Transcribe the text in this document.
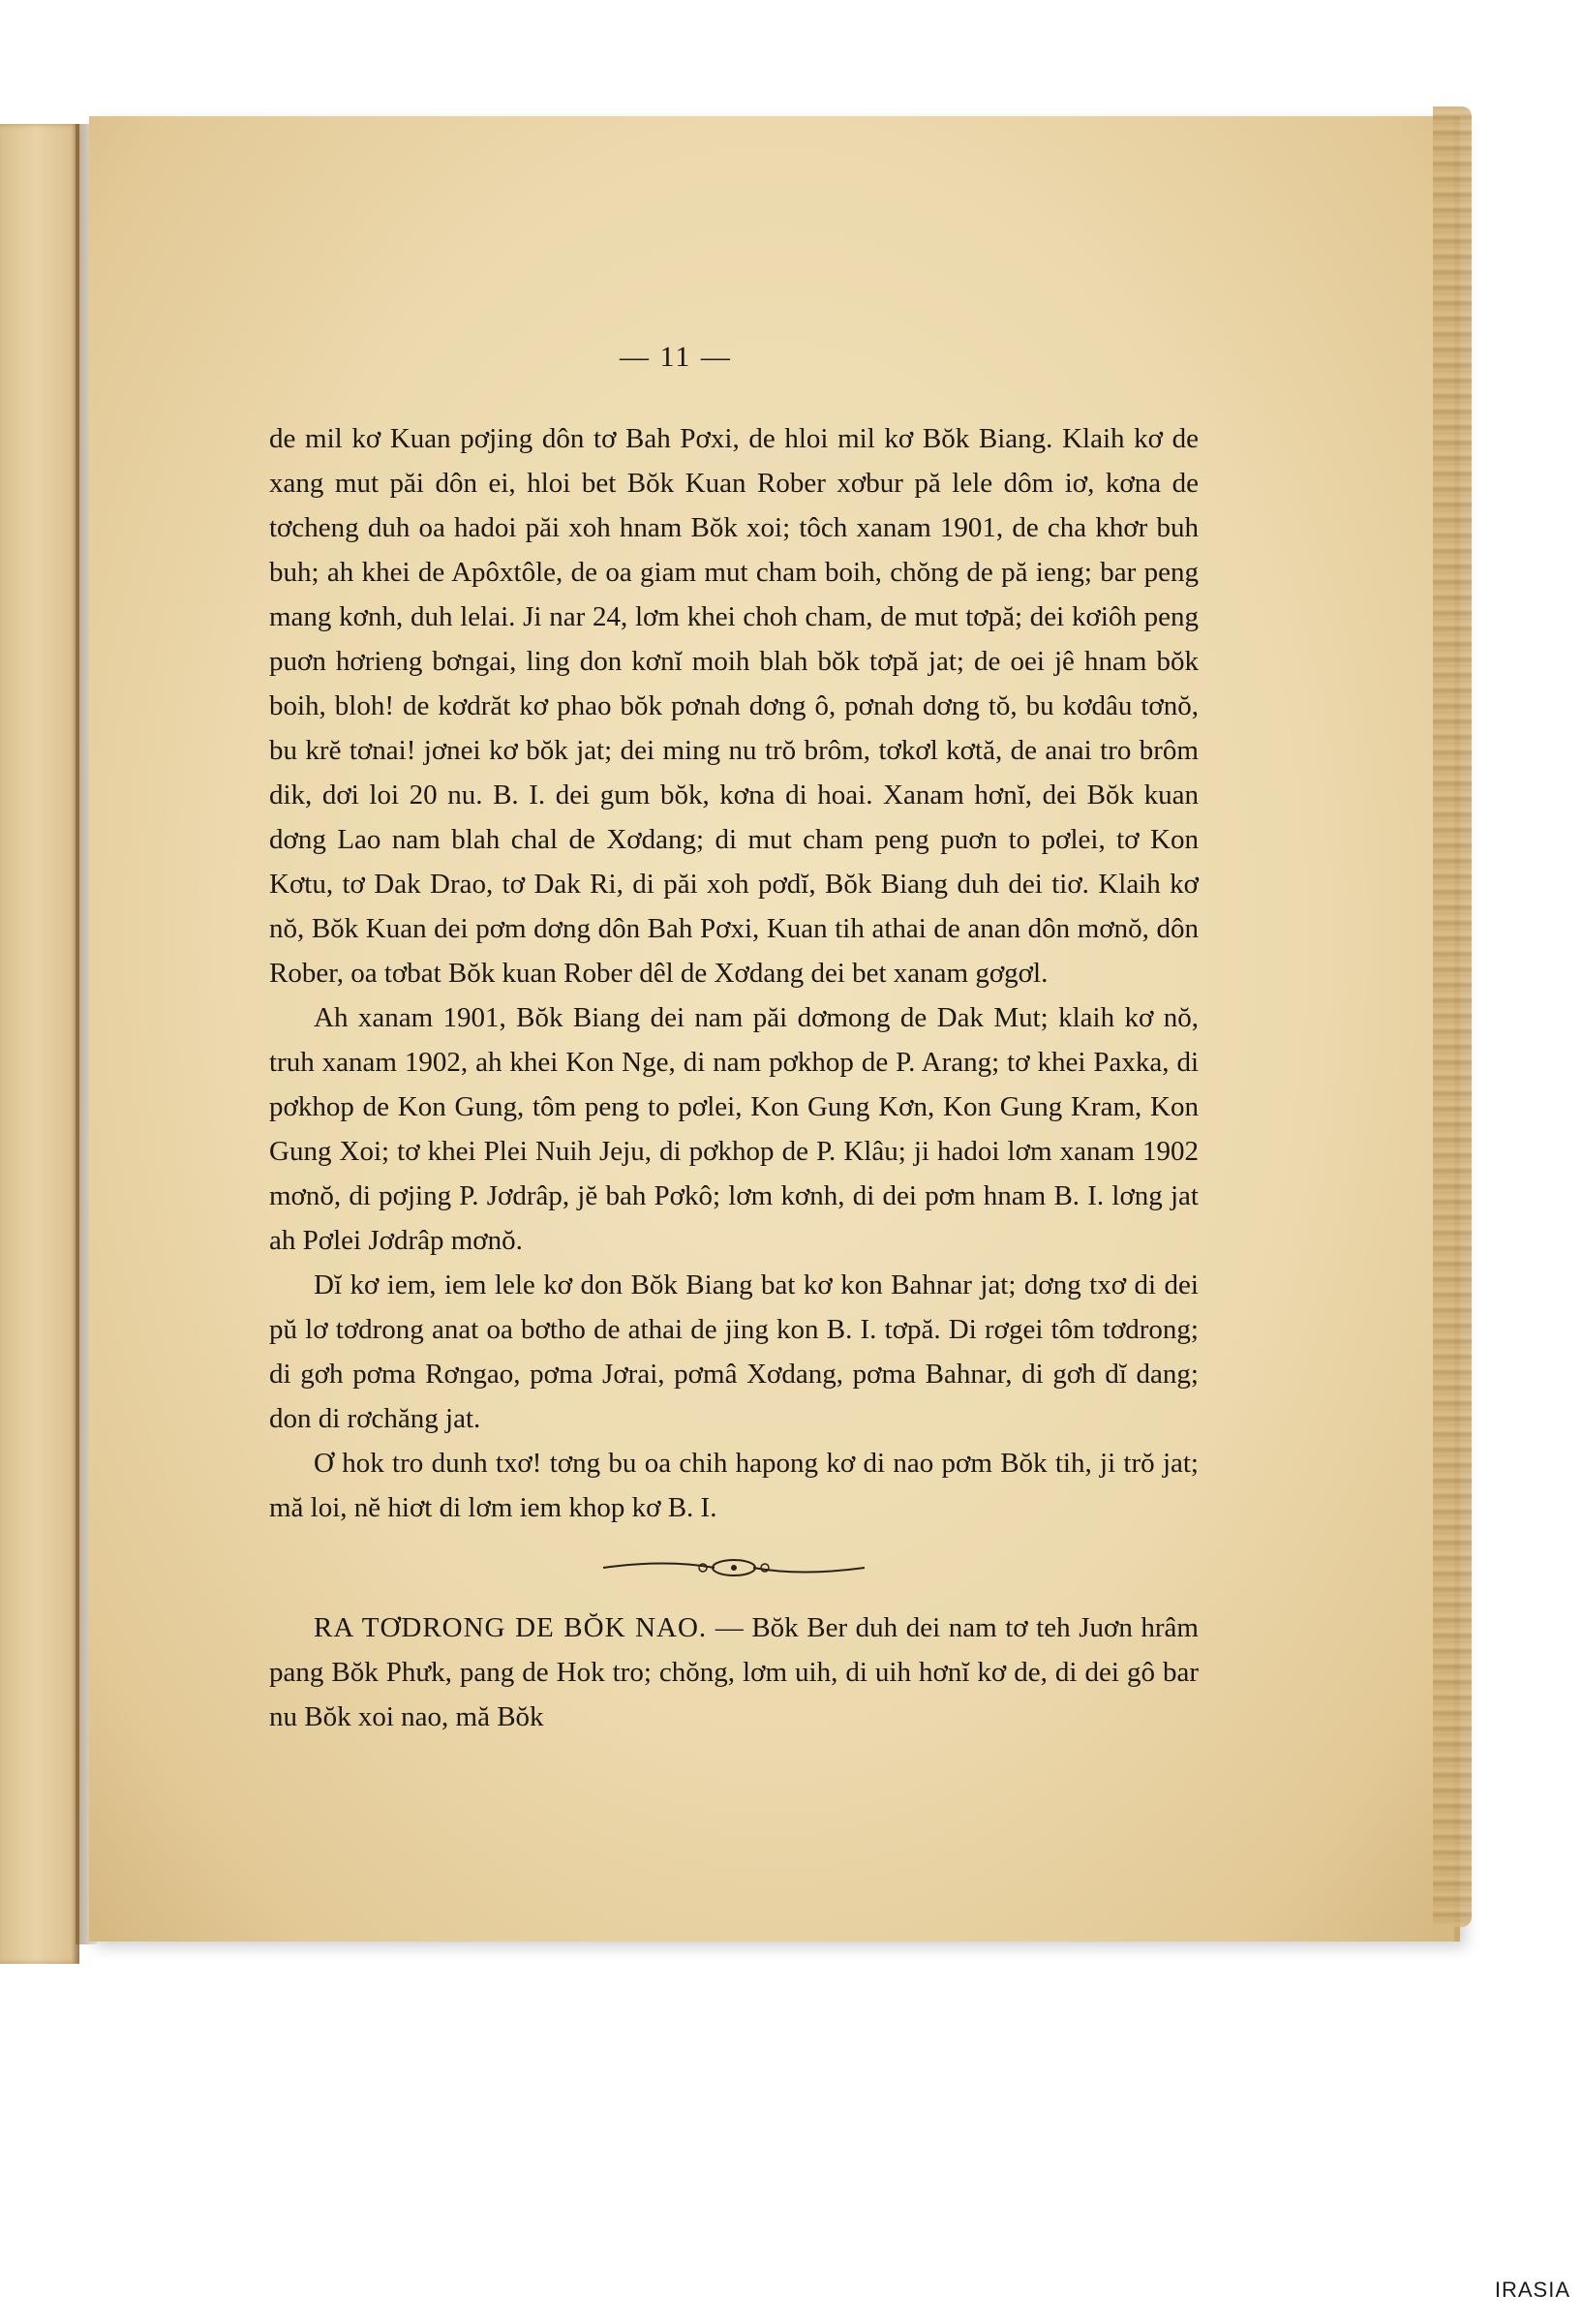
— 11 —

de mil kơ Kuan pơjing dôn tơ Bah Pơxi, de hloi mil kơ Bŏk Biang. Klaih kơ de xang mut păi dôn ei, hloi bet Bŏk Kuan Rober xơbur pă lele dôm iơ, kơna de tơcheng duh oa hadoi păi xoh hnam Bŏk xoi; tôch xanam 1901, de cha khơr buh buh; ah khei de Apôxtôle, de oa giam mut cham boih, chŏng de pă ieng; bar peng mang kơnh, duh lelai. Ji nar 24, lơm khei choh cham, de mut tơpă; dei kơiôh peng puơn hơrieng bơngai, ling don kơnĭ moih blah bŏk tơpă jat; de oei jê hnam bŏk boih, bloh! de kơdrăt kơ phao bŏk pơnah dơng ô, pơnah dơng tŏ, bu kơdâu tơnŏ, bu krĕ tơnai! jơnei kơ bŏk jat; dei ming nu trŏ brôm, tơkơl kơtă, de anai tro brôm dik, dơi loi 20 nu. B. I. dei gum bŏk, kơna di hoai. Xanam hơnĭ, dei Bŏk kuan dơng Lao nam blah chal de Xơdang; di mut cham peng puơn to pơlei, tơ Kon Kơtu, tơ Dak Drao, tơ Dak Ri, di păi xoh pơdĭ, Bŏk Biang duh dei tiơ. Klaih kơ nŏ, Bŏk Kuan dei pơm dơng dôn Bah Pơxi, Kuan tih athai de anan dôn mơnŏ, dôn Rober, oa tơbat Bŏk kuan Rober dêl de Xơdang dei bet xanam gơgơl.

Ah xanam 1901, Bŏk Biang dei nam păi dơmong de Dak Mut; klaih kơ nŏ, truh xanam 1902, ah khei Kon Nge, di nam pơkhop de P. Arang; tơ khei Paxka, di pơkhop de Kon Gung, tôm peng to pơlei, Kon Gung Kơn, Kon Gung Kram, Kon Gung Xoi; tơ khei Plei Nuih Jeju, di pơkhop de P. Klâu; ji hadoi lơm xanam 1902 mơnŏ, di pơjing P. Jơdrâp, jĕ bah Pơkô; lơm kơnh, di dei pơm hnam B. I. lơng jat ah Pơlei Jơdrâp mơnŏ.

Dĭ kơ iem, iem lele kơ don Bŏk Biang bat kơ kon Bahnar jat; dơng txơ di dei pŭ lơ tơdrong anat oa bơtho de athai de jing kon B. I. tơpă. Di rơgei tôm tơdrong; di gơh pơma Rơngao, pơma Jơrai, pơmâ Xơdang, pơma Bahnar, di gơh dĭ dang; don di rơchăng jat.

Ơ hok tro dunh txơ! tơng bu oa chih hapong kơ di nao pơm Bŏk tih, ji trŏ jat; mă loi, nĕ hiơt di lơm iem khop kơ B. I.

RA TƠDRONG DE BŎK NAO. — Bŏk Ber duh dei nam tơ teh Juơn hrâm pang Bŏk Phưk, pang de Hok tro; chŏng, lơm uih, di uih hơnĭ kơ de, di dei gô bar nu Bŏk xoi nao, mă Bŏk

IRASIA
